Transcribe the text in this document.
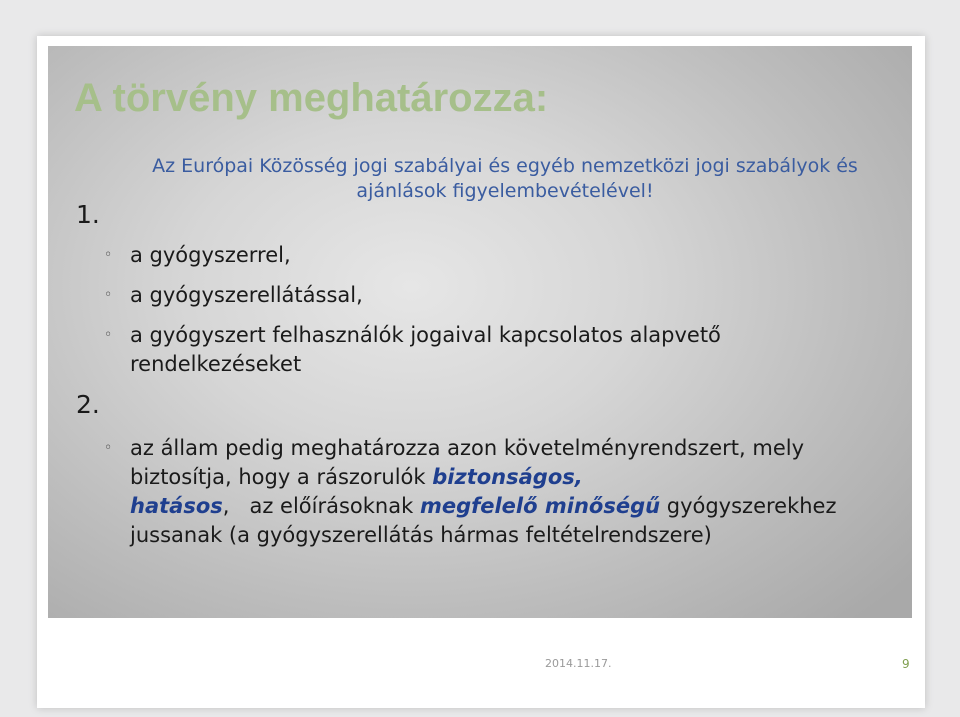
A törvény meghatározza:
Az Európai Közösség jogi szabályai és egyéb nemzetközi jogi szabályok és ajánlások figyelembevételével!
1.
2.
◦ a gyógyszerrel,
◦ a gyógyszerellátással,
◦ a gyógyszert felhasználók jogaival kapcsolatos alapvető rendelkezéseket
◦ az állam pedig meghatározza azon követelményrendszert, mely biztosítja, hogy a rászorulók biztonságos, hatásos,   az előírásoknak megfelelő minőségű gyógyszerekhez jussanak (a gyógyszerellátás hármas feltételrendszere)
2014.11.17.	9
